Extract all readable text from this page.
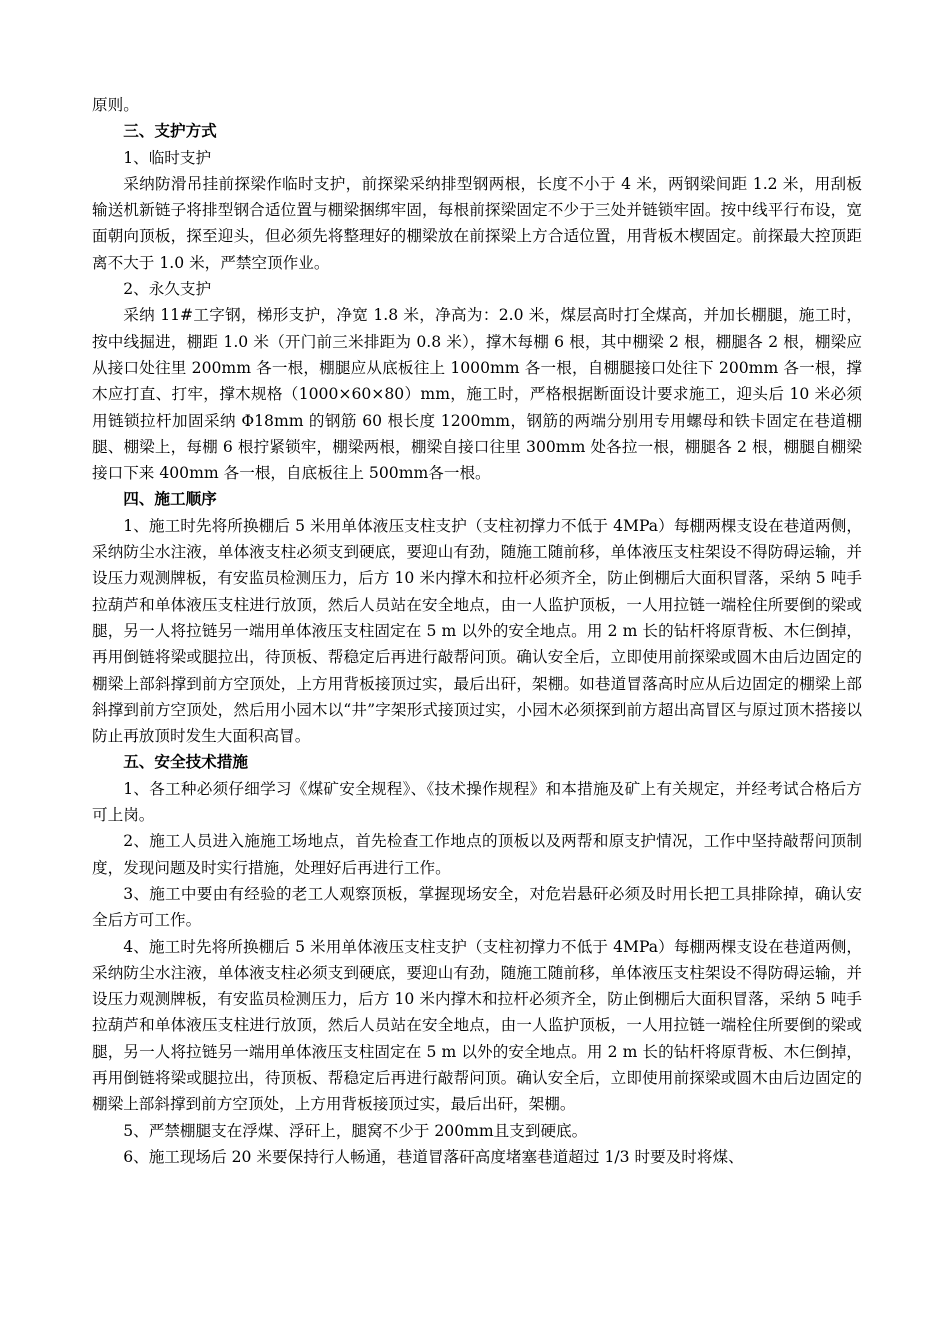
原则。

三、支护方式

1、临时支护

采纳防滑吊挂前探梁作临时支护，前探梁采纳排型钢两根，长度不小于 4 米，两钢梁间距 1.2 米，用刮板输送机新链子将排型钢合适位置与棚梁捆绑牢固，每根前探梁固定不少于三处并链锁牢固。按中线平行布设，宽面朝向顶板，探至迎头，但必须先将整理好的棚梁放在前探梁上方合适位置，用背板木楔固定。前探最大控顶距离不大于 1.0 米，严禁空顶作业。

2、永久支护

采纳 11#工字钢，梯形支护，净宽 1.8 米，净高为：2.0 米，煤层高时打全煤高，并加长棚腿，施工时，按中线掘进，棚距 1.0 米（开门前三米排距为 0.8 米），撑木每棚 6 根，其中棚梁 2 根，棚腿各 2 根，棚梁应从接口处往里 200mm 各一根，棚腿应从底板往上 1000mm 各一根，自棚腿接口处往下 200mm 各一根，撑木应打直、打牢，撑木规格（1000×60×80）mm，施工时，严格根据断面设计要求施工，迎头后 10 米必须用链锁拉杆加固采纳 Φ18mm 的钢筋 60 根长度 1200mm，钢筋的两端分别用专用螺母和铁卡固定在巷道棚腿、棚梁上，每棚 6 根拧紧锁牢，棚梁两根，棚梁自接口往里 300mm 处各拉一根，棚腿各 2 根，棚腿自棚梁接口下来 400mm 各一根，自底板往上 500mm各一根。

四、施工顺序

1、施工时先将所换棚后 5 米用单体液压支柱支护（支柱初撑力不低于 4MPa）每棚两棵支设在巷道两侧，采纳防尘水注液，单体液支柱必须支到硬底，要迎山有劲，随施工随前移，单体液压支柱架设不得防碍运输，并设压力观测牌板，有安监员检测压力，后方 10 米内撑木和拉杆必须齐全，防止倒棚后大面积冒落，采纳 5 吨手拉葫芦和单体液压支柱进行放顶，然后人员站在安全地点，由一人监护顶板，一人用拉链一端栓住所要倒的梁或腿，另一人将拉链另一端用单体液压支柱固定在 5 m 以外的安全地点。用 2 m 长的钻杆将原背板、木仨倒掉，再用倒链将梁或腿拉出，待顶板、帮稳定后再进行敲帮问顶。确认安全后，立即使用前探梁或圆木由后边固定的棚梁上部斜撑到前方空顶处，上方用背板接顶过实，最后出矸，架棚。如巷道冒落高时应从后边固定的棚梁上部斜撑到前方空顶处，然后用小园木以“井”字架形式接顶过实，小园木必须探到前方超出高冒区与原过顶木搭接以防止再放顶时发生大面积高冒。

五、安全技术措施

1、各工种必须仔细学习《煤矿安全规程》、《技术操作规程》和本措施及矿上有关规定，并经考试合格后方可上岗。

2、施工人员进入施施工场地点，首先检查工作地点的顶板以及两帮和原支护情况，工作中坚持敲帮问顶制度，发现问题及时实行措施，处理好后再进行工作。

3、施工中要由有经验的老工人观察顶板，掌握现场安全，对危岩悬矸必须及时用长把工具排除掉，确认安全后方可工作。

4、施工时先将所换棚后 5 米用单体液压支柱支护（支柱初撑力不低于 4MPa）每棚两棵支设在巷道两侧，采纳防尘水注液，单体液支柱必须支到硬底，要迎山有劲，随施工随前移，单体液压支柱架设不得防碍运输，并设压力观测牌板，有安监员检测压力，后方 10 米内撑木和拉杆必须齐全，防止倒棚后大面积冒落，采纳 5 吨手拉葫芦和单体液压支柱进行放顶，然后人员站在安全地点，由一人监护顶板，一人用拉链一端栓住所要倒的梁或腿，另一人将拉链另一端用单体液压支柱固定在 5 m 以外的安全地点。用 2 m 长的钻杆将原背板、木仨倒掉，再用倒链将梁或腿拉出，待顶板、帮稳定后再进行敲帮问顶。确认安全后，立即使用前探梁或圆木由后边固定的棚梁上部斜撑到前方空顶处，上方用背板接顶过实，最后出矸，架棚。

5、严禁棚腿支在浮煤、浮矸上，腿窝不少于 200mm且支到硬底。

6、施工现场后 20 米要保持行人畅通，巷道冒落矸高度堵塞巷道超过 1/3 时要及时将煤、
